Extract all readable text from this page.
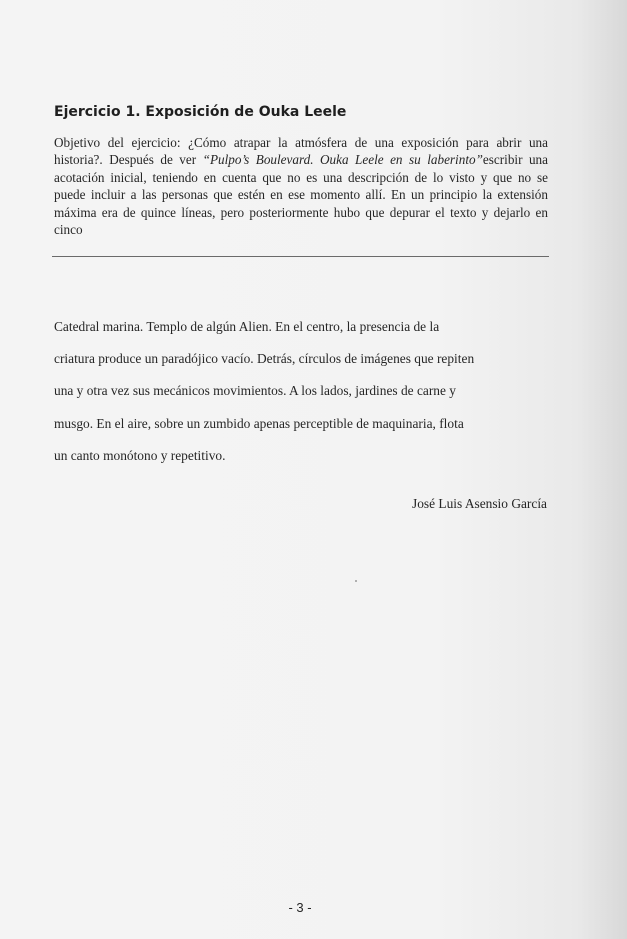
Ejercicio 1. Exposición de Ouka Leele
Objetivo del ejercicio: ¿Cómo atrapar la atmósfera de una exposición para abrir una
historia?. Después de ver “Pulpo’s Boulevard. Ouka Leele en su laberinto”escribir una
acotación inicial, teniendo en cuenta que no es una descripción de lo visto y que no se
puede incluir a las personas que estén en ese momento allí. En un principio la extensión
máxima era de quince líneas, pero posteriormente hubo que depurar el texto y dejarlo en
cinco
Catedral marina. Templo de algún Alien. En el centro, la presencia de la
criatura produce un paradójico vacío. Detrás, círculos de imágenes que repiten
una y otra vez sus mecánicos movimientos. A los lados, jardines de carne y
musgo. En el aire, sobre un zumbido apenas perceptible de maquinaria, flota
un canto monótono y repetitivo.
José Luis Asensio García
- 3 -
